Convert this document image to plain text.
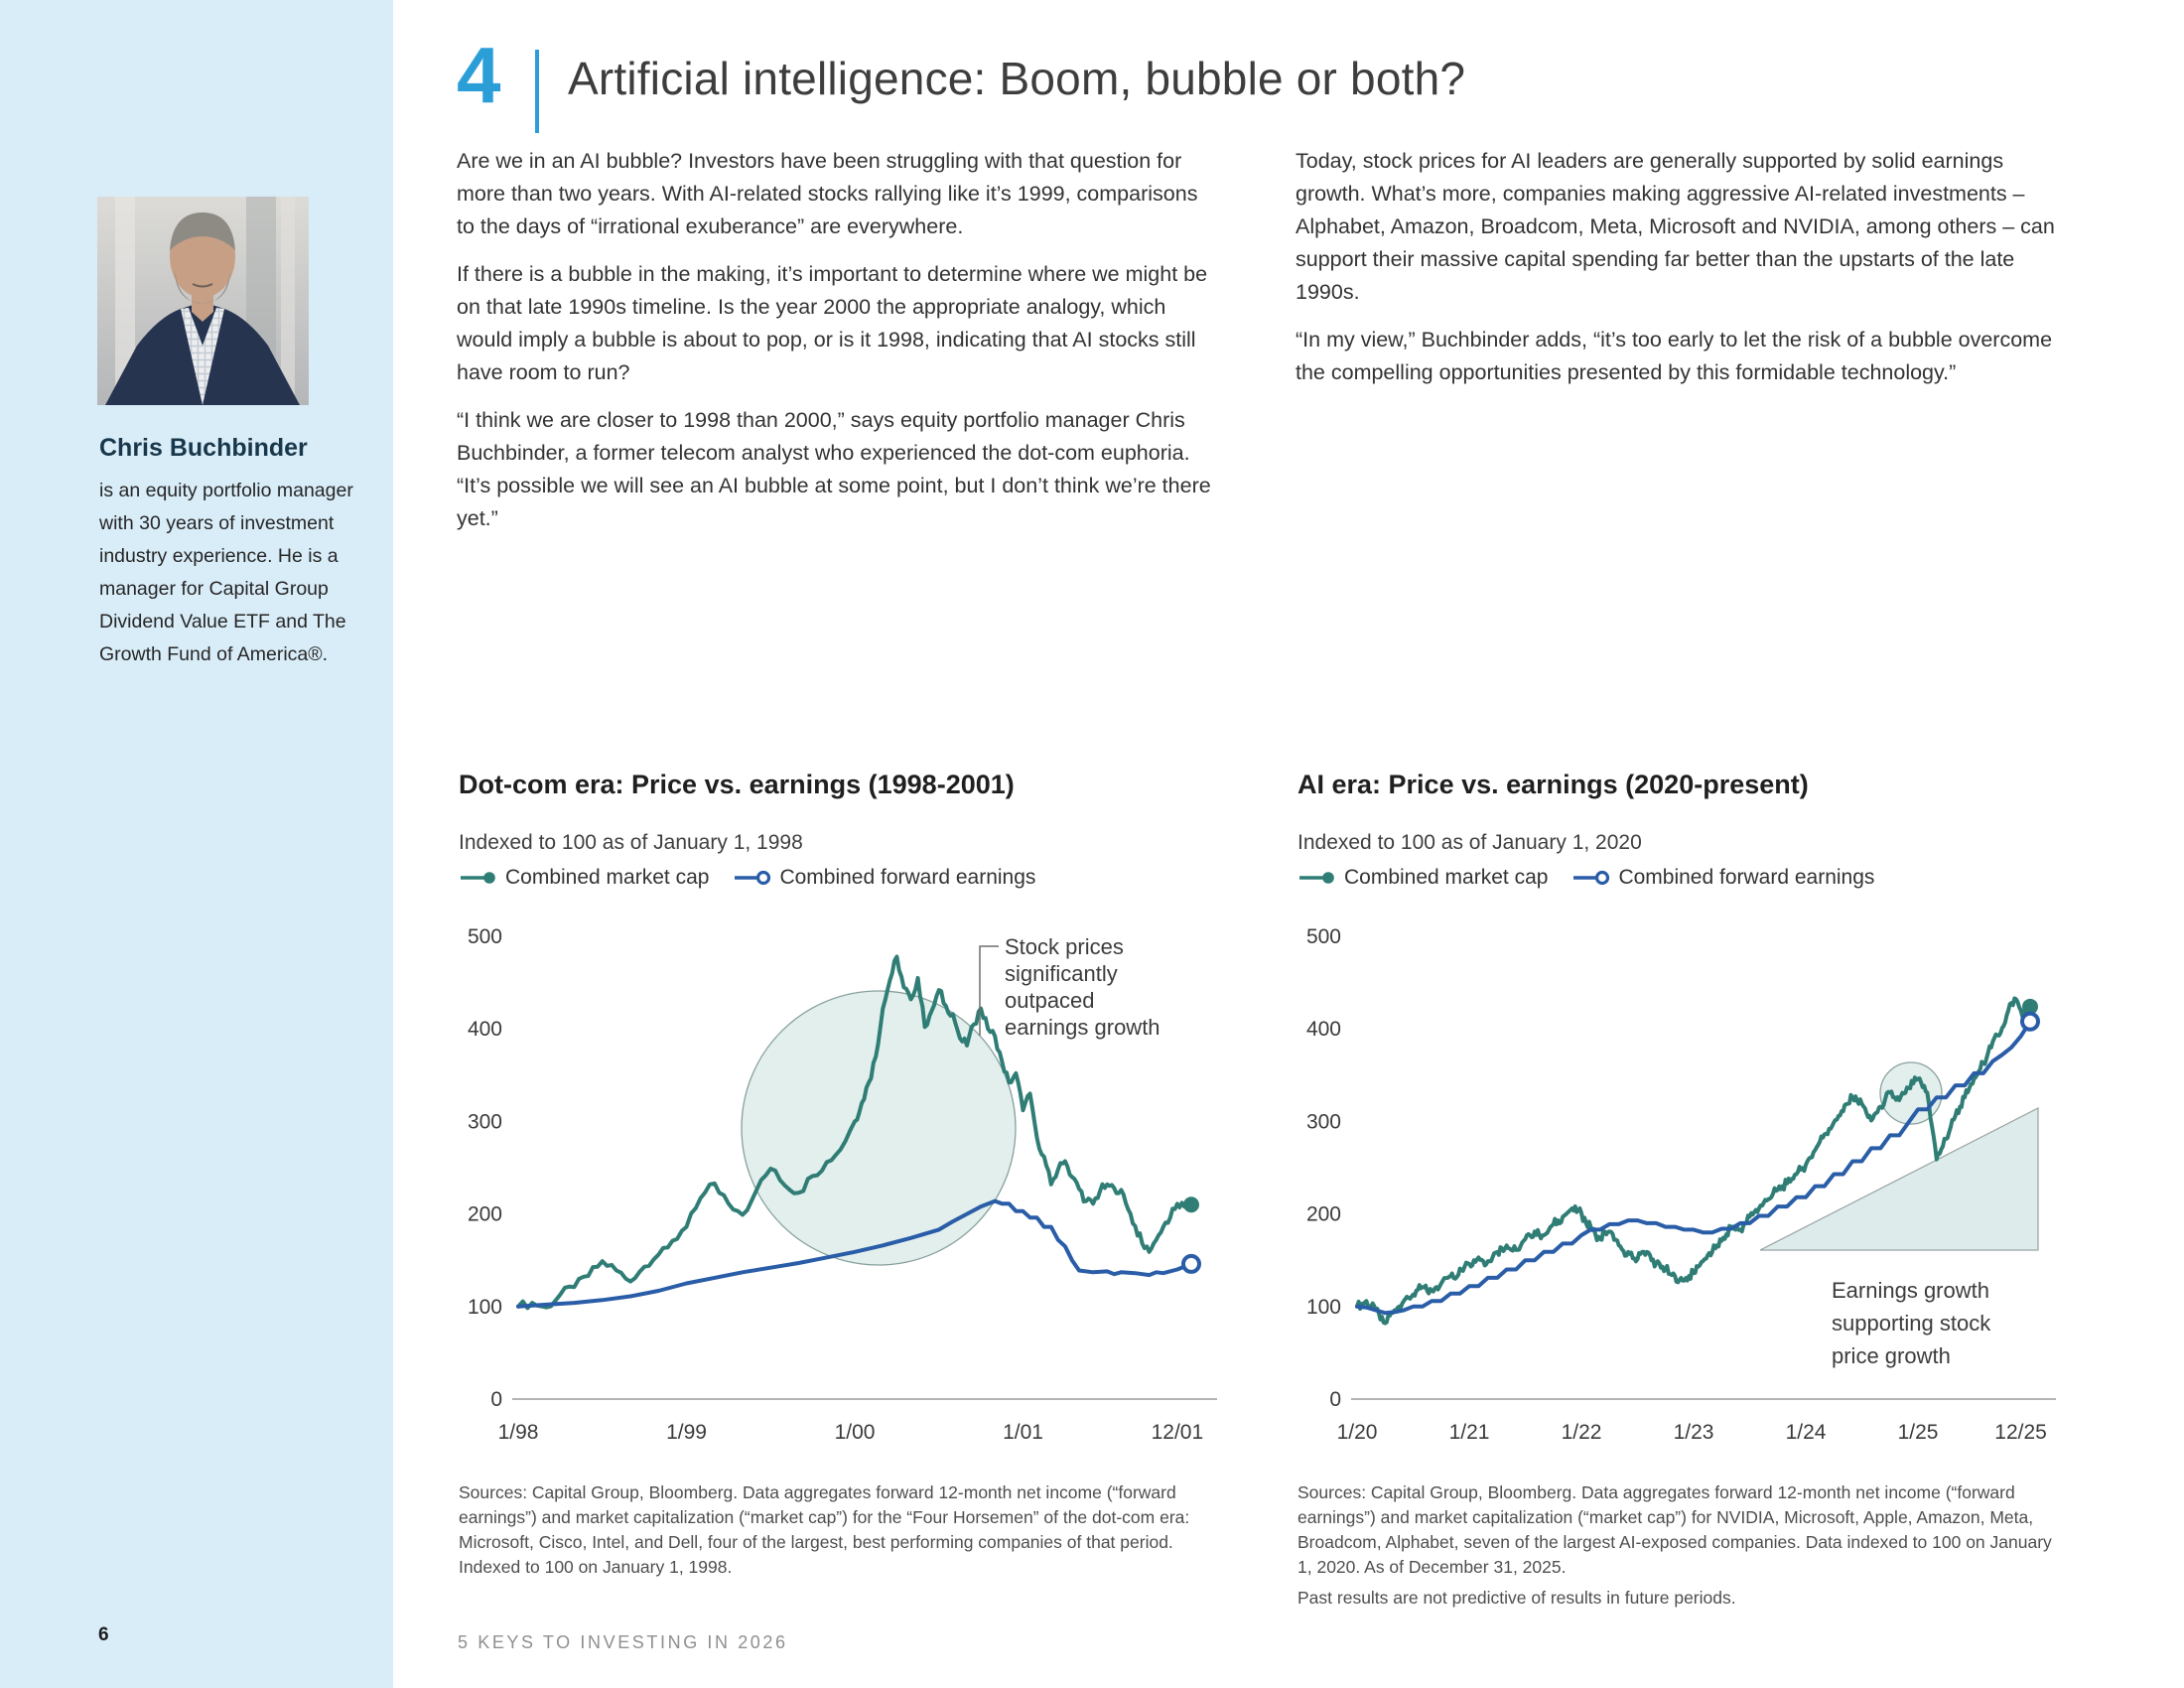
Chris Buchbinder
is an equity portfolio manager with 30 years of investment industry experience. He is a manager for Capital Group Dividend Value ETF and The Growth Fund of America®.
6
4 Artificial intelligence: Boom, bubble or both?

Are we in an AI bubble? Investors have been struggling with that question for more than two years. With AI-related stocks rallying like it’s 1999, comparisons to the days of “irrational exuberance” are everywhere.

If there is a bubble in the making, it’s important to determine where we might be on that late 1990s timeline. Is the year 2000 the appropriate analogy, which would imply a bubble is about to pop, or is it 1998, indicating that AI stocks still have room to run?

“I think we are closer to 1998 than 2000,” says equity portfolio manager Chris Buchbinder, a former telecom analyst who experienced the dot-com euphoria. “It’s possible we will see an AI bubble at some point, but I don’t think we’re there yet.”

Today, stock prices for AI leaders are generally supported by solid earnings growth. What’s more, companies making aggressive AI-related investments – Alphabet, Amazon, Broadcom, Meta, Microsoft and NVIDIA, among others – can support their massive capital spending far better than the upstarts of the late 1990s.

“In my view,” Buchbinder adds, “it’s too early to let the risk of a bubble overcome the compelling opportunities presented by this formidable technology.”

Dot-com era: Price vs. earnings (1998-2001)
Indexed to 100 as of January 1, 1998
Combined market cap	Combined forward earnings
500
400
300
200
100
0
1/98	1/99	1/00	1/01	12/01
Stock prices
significantly
outpaced
earnings growth
Sources: Capital Group, Bloomberg. Data aggregates forward 12-month net income (“forward earnings”) and market capitalization (“market cap”) for the “Four Horsemen” of the dot-com era: Microsoft, Cisco, Intel, and Dell, four of the largest, best performing companies of that period. Indexed to 100 on January 1, 1998.
AI era: Price vs. earnings (2020-present)
Indexed to 100 as of January 1, 2020
Combined market cap	Combined forward earnings
500
400
300
200
100
0
1/20	1/21	1/22	1/23	1/24	1/25	12/25
Earnings growth
supporting stock
price growth
Sources: Capital Group, Bloomberg. Data aggregates forward 12-month net income (“forward earnings”) and market capitalization (“market cap”) for NVIDIA, Microsoft, Apple, Amazon, Meta, Broadcom, Alphabet, seven of the largest AI-exposed companies. Data indexed to 100 on January 1, 2020. As of December 31, 2025.
Past results are not predictive of results in future periods.
5 KEYS TO INVESTING IN 2026
